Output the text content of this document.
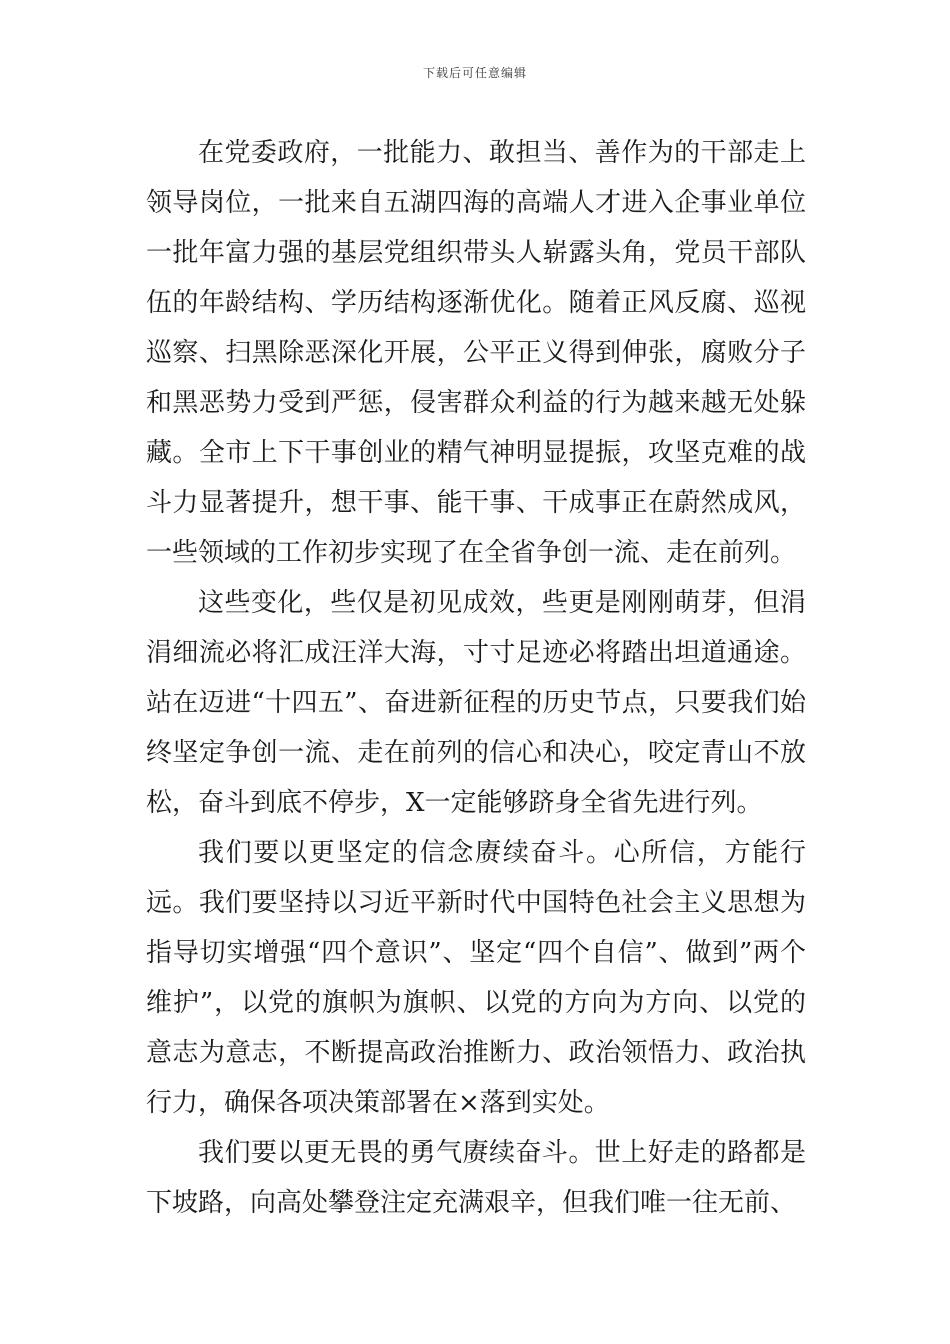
下载后可任意编辑

在党委政府，一批能力、敢担当、善作为的干部走上领导岗位，一批来自五湖四海的高端人才进入企事业单位一批年富力强的基层党组织带头人崭露头角，党员干部队伍的年龄结构、学历结构逐渐优化。随着正风反腐、巡视巡察、扫黑除恶深化开展，公平正义得到伸张，腐败分子和黑恶势力受到严惩，侵害群众利益的行为越来越无处躲藏。全市上下干事创业的精气神明显提振，攻坚克难的战斗力显著提升，想干事、能干事、干成事正在蔚然成风，一些领域的工作初步实现了在全省争创一流、走在前列。

这些变化，些仅是初见成效，些更是刚刚萌芽，但涓涓细流必将汇成汪洋大海，寸寸足迹必将踏出坦道通途。站在迈进“十四五”、奋进新征程的历史节点，只要我们始终坚定争创一流、走在前列的信心和决心，咬定青山不放松，奋斗到底不停步，X一定能够跻身全省先进行列。

我们要以更坚定的信念赓续奋斗。心所信，方能行远。我们要坚持以习近平新时代中国特色社会主义思想为指导切实增强“四个意识”、坚定“四个自信”、做到”两个维护”，以党的旗帜为旗帜、以党的方向为方向、以党的意志为意志，不断提高政治推断力、政治领悟力、政治执行力，确保各项决策部署在×落到实处。

我们要以更无畏的勇气赓续奋斗。世上好走的路都是下坡路，向高处攀登注定充满艰辛，但我们唯一往无前、
